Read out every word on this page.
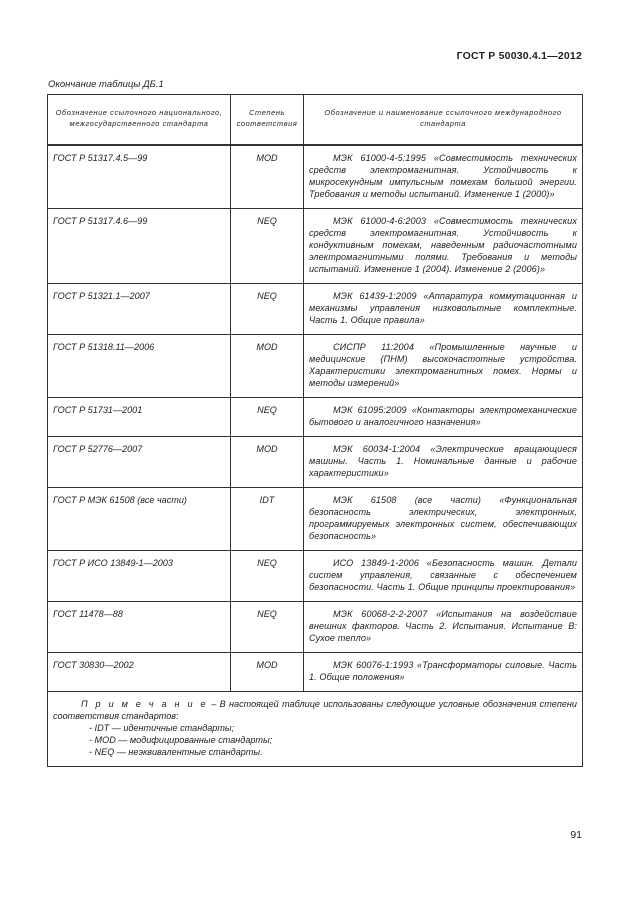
ГОСТ Р 50030.4.1—2012
Окончание таблицы ДБ.1
Обозначение ссылочного национального, межгосударственного стандарта	Степень соответствия	Обозначение и наименование ссылочного международного стандарта
ГОСТ Р 51317.4.5—99	MOD	МЭК 61000-4-5:1995 «Совместимость технических средств электромагнитная. Устойчивость к микросекундным импульсным помехам большой энергии. Требования и методы испытаний. Изменение 1 (2000)»
ГОСТ Р 51317.4.6—99	NEQ	МЭК 61000-4-6:2003 «Совместимость технических средств электромагнитная. Устойчивость к кондуктивным помехам, наведенным радиочастотными электромагнитными полями. Требования и методы испытаний. Изменение 1 (2004). Изменение 2 (2006)»
ГОСТ Р 51321.1—2007	NEQ	МЭК 61439-1:2009 «Аппаратура коммутационная и механизмы управления низковольтные комплектные. Часть 1. Общие правила»
ГОСТ Р 51318.11—2006	MOD	СИСПР 11:2004 «Промышленные научные и медицинские (ПНМ) высокочастотные устройства. Характеристики электромагнитных помех. Нормы и методы измерений»
ГОСТ Р 51731—2001	NEQ	МЭК 61095:2009 «Контакторы электромеханические бытового и аналогичного назначения»
ГОСТ Р 52776—2007	MOD	МЭК 60034-1:2004 «Электрические вращающиеся машины. Часть 1. Номинальные данные и рабочие характеристики»
ГОСТ Р МЭК 61508 (все части)	IDT	МЭК 61508 (все части) «Функциональная безопасность электрических, электронных, программируемых электронных систем, обеспечивающих безопасность»
ГОСТ Р ИСО 13849-1—2003	NEQ	ИСО 13849-1-2006 «Безопасность машин. Детали систем управления, связанные с обеспечением безопасности. Часть 1. Общие принципы проектирования»
ГОСТ 11478—88	NEQ	МЭК 60068-2-2-2007 «Испытания на воздействие внешних факторов. Часть 2. Испытания. Испытание В: Сухое тепло»
ГОСТ 30830—2002	MOD	МЭК 60076-1:1993 «Трансформаторы силовые. Часть 1. Общие положения»

П р и м е ч а н и е – В настоящей таблице использованы следующие условные обозначения степени соответствия стандартов:
- IDT — идентичные стандарты;
- MOD — модифицированные стандарты;
- NEQ — неэквивалентные стандарты.		
91
